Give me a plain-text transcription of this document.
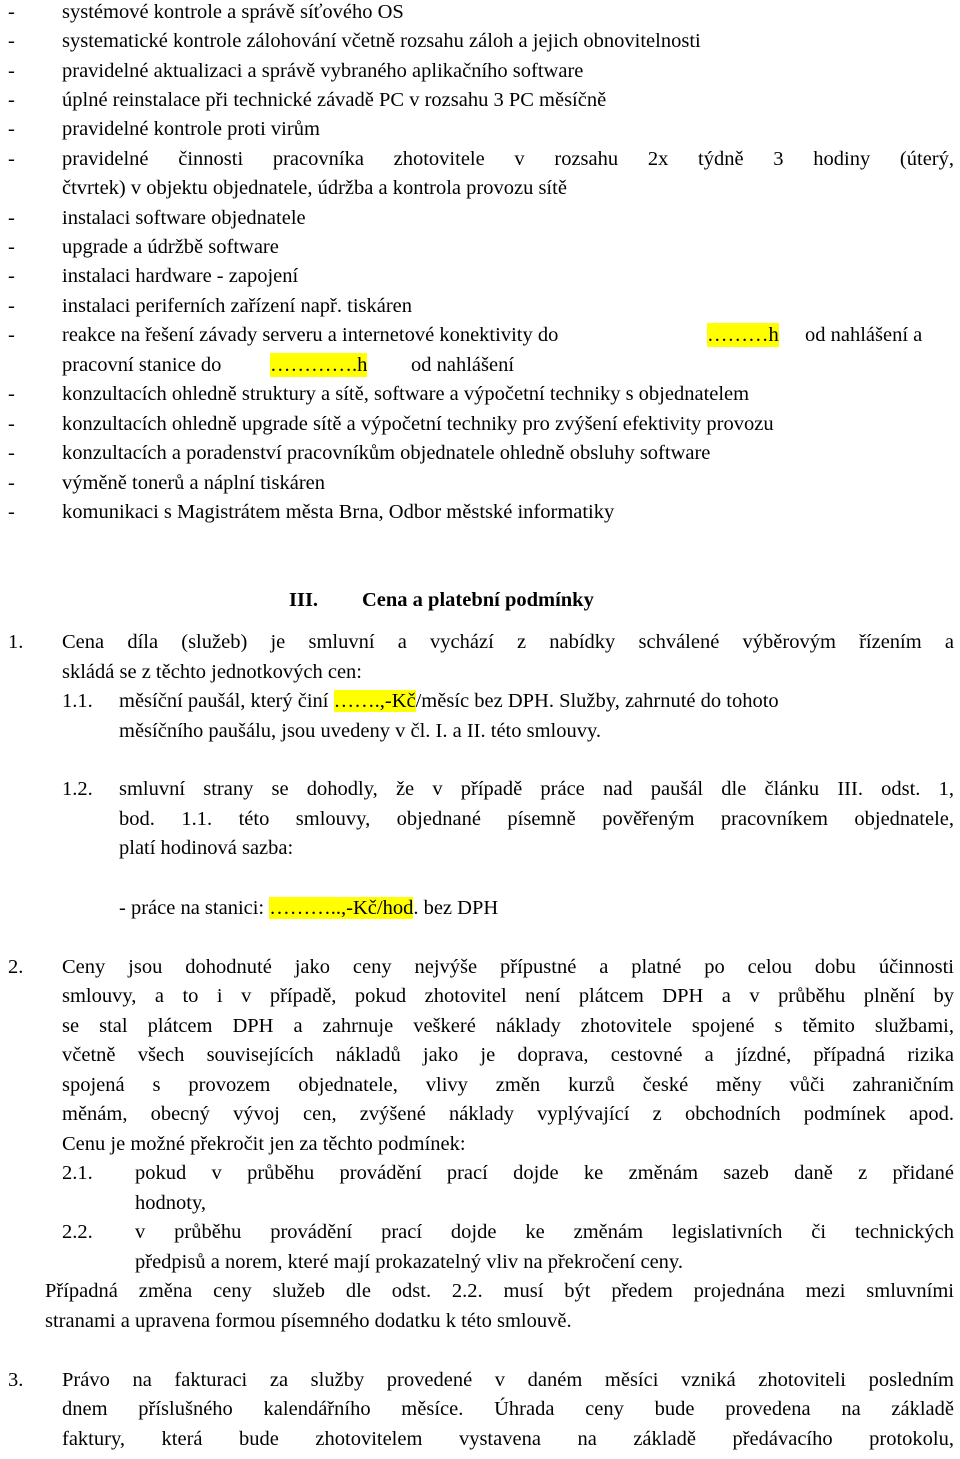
-	systémové kontrole a správě síťového OS
-	systematické kontrole zálohování včetně rozsahu záloh a jejich obnovitelnosti
-	pravidelné aktualizaci a správě vybraného aplikačního software
-	úplné reinstalace při technické závadě PC v rozsahu 3 PC měsíčně
-	pravidelné kontrole proti virům
-	pravidelné činnosti pracovníka zhotovitele v rozsahu 2x týdně 3 hodiny (úterý,
čtvrtek) v objektu objednatele, údržba a kontrola provozu sítě
-	instalaci software objednatele
-	upgrade a údržbě software
-	instalaci hardware - zapojení
-	instalaci periferních zařízení např. tiskáren
-	reakce na řešení závady serveru a internetové konektivity do	………h od nahlášení a
pracovní stanice do ………….h od nahlášení
-	konzultacích ohledně struktury a sítě, software a výpočetní techniky s objednatelem
-	konzultacích ohledně upgrade sítě a výpočetní techniky pro zvýšení efektivity provozu
-	konzultacích a poradenství pracovníkům objednatele ohledně obsluhy software
-	výměně tonerů a náplní tiskáren
-	komunikaci s Magistrátem města Brna, Odbor městské informatiky
III. Cena a platební podmínky
1. Cena díla (služeb) je smluvní a vychází z nabídky schválené výběrovým řízením a
skládá se z těchto jednotkových cen:
1.1. měsíční paušál, který činí …….,-Kč/měsíc bez DPH. Služby, zahrnuté do tohoto
měsíčního paušálu, jsou uvedeny v čl. I. a II. této smlouvy.
1.2. smluvní strany se dohodly, že v případě práce nad paušál dle článku III. odst. 1,
bod. 1.1. této smlouvy, objednané písemně pověřeným pracovníkem objednatele,
platí hodinová sazba:
- práce na stanici: ………..,-Kč/hod. bez DPH
2. Ceny jsou dohodnuté jako ceny nejvýše přípustné a platné po celou dobu účinnosti
smlouvy, a to i v případě, pokud zhotovitel není plátcem DPH a v průběhu plnění by
se stal plátcem DPH a zahrnuje veškeré náklady zhotovitele spojené s těmito službami,
včetně všech souvisejících nákladů jako je doprava, cestovné a jízdné, případná rizika
spojená s provozem objednatele, vlivy změn kurzů české měny vůči zahraničním
měnám, obecný vývoj cen, zvýšené náklady vyplývající z obchodních podmínek apod.
Cenu je možné překročit jen za těchto podmínek:
2.1. pokud v průběhu provádění prací dojde ke změnám sazeb daně z přidané
hodnoty,
2.2. v průběhu provádění prací dojde ke změnám legislativních či technických
předpisů a norem, které mají prokazatelný vliv na překročení ceny.
Případná změna ceny služeb dle odst. 2.2. musí být předem projednána mezi smluvními
stranami a upravena formou písemného dodatku k této smlouvě.
3. Právo na fakturaci za služby provedené v daném měsíci vzniká zhotoviteli posledním
dnem příslušného kalendářního měsíce. Úhrada ceny bude provedena na základě
faktury, která bude zhotovitelem vystavena na základě předávacího protokolu,
